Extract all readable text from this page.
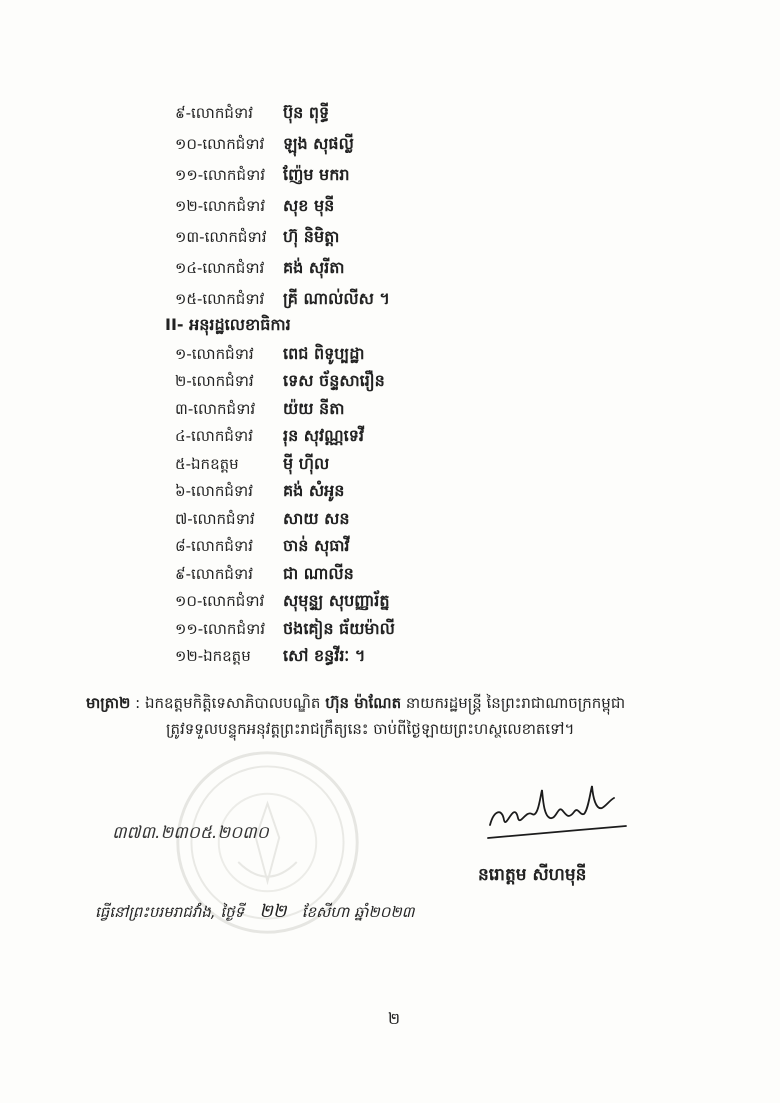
៩-លោកជំទាវ ប៊ុន ពុទ្ធី
១០-លោកជំទាវ ឡុង សុផល្លី
១១-លោកជំទាវ ញ៉ែម មករា
១២-លោកជំទាវ សុខ មុនី
១៣-លោកជំទាវ ហ៊ុ និមិត្តា
១៤-លោកជំទាវ គង់ សុរីតា
១៥-លោកជំទាវ គ្រី ណាល់លីស ។
II- អនុរដ្ឋលេខាធិការ
១-លោកជំទាវ ពេជ ពិទូប្បដ្ឋា
២-លោកជំទាវ ទេស ច័ន្ទសារឿន
៣-លោកជំទាវ យ៉យ នីតា
៤-លោកជំទាវ រុន សុវណ្ណទេវី
៥-ឯកឧត្តម	ម៉ី ហ៊ីល
៦-លោកជំទាវ គង់ សំអូន
៧-លោកជំទាវ សាយ សន
៨-លោកជំទាវ ចាន់ សុធាវី
៩-លោកជំទាវ ជា ណាលីន
១០-លោកជំទាវ សុមុន្ទ្យ សុបញ្ញារ័ត្ន
១១-លោកជំទាវ ថងគៀន ធ័យម៉ាលី
១២-ឯកឧត្តម សៅ ខន្ធវីរៈ ។
មាត្រា២ : ឯកឧត្តមកិត្តិទេសាភិបាលបណ្ឌិត ហ៊ុន ម៉ាណែត នាយករដ្ឋមន្ត្រី នៃព្រះរាជាណាចក្រកម្ពុជា
ត្រូវទទួលបន្ទុកអនុវត្តព្រះរាជក្រឹត្យនេះ ចាប់ពីថ្ងៃឡាយព្រះហស្ថលេខាតទៅ។
៣៧៣.២៣០៥.២០៣០
នរោត្តម សីហមុនី
ធ្វើនៅព្រះបរមរាជវាំង, ថ្ងៃទី ២២ ខែសីហា ឆ្នាំ២០២៣
២
